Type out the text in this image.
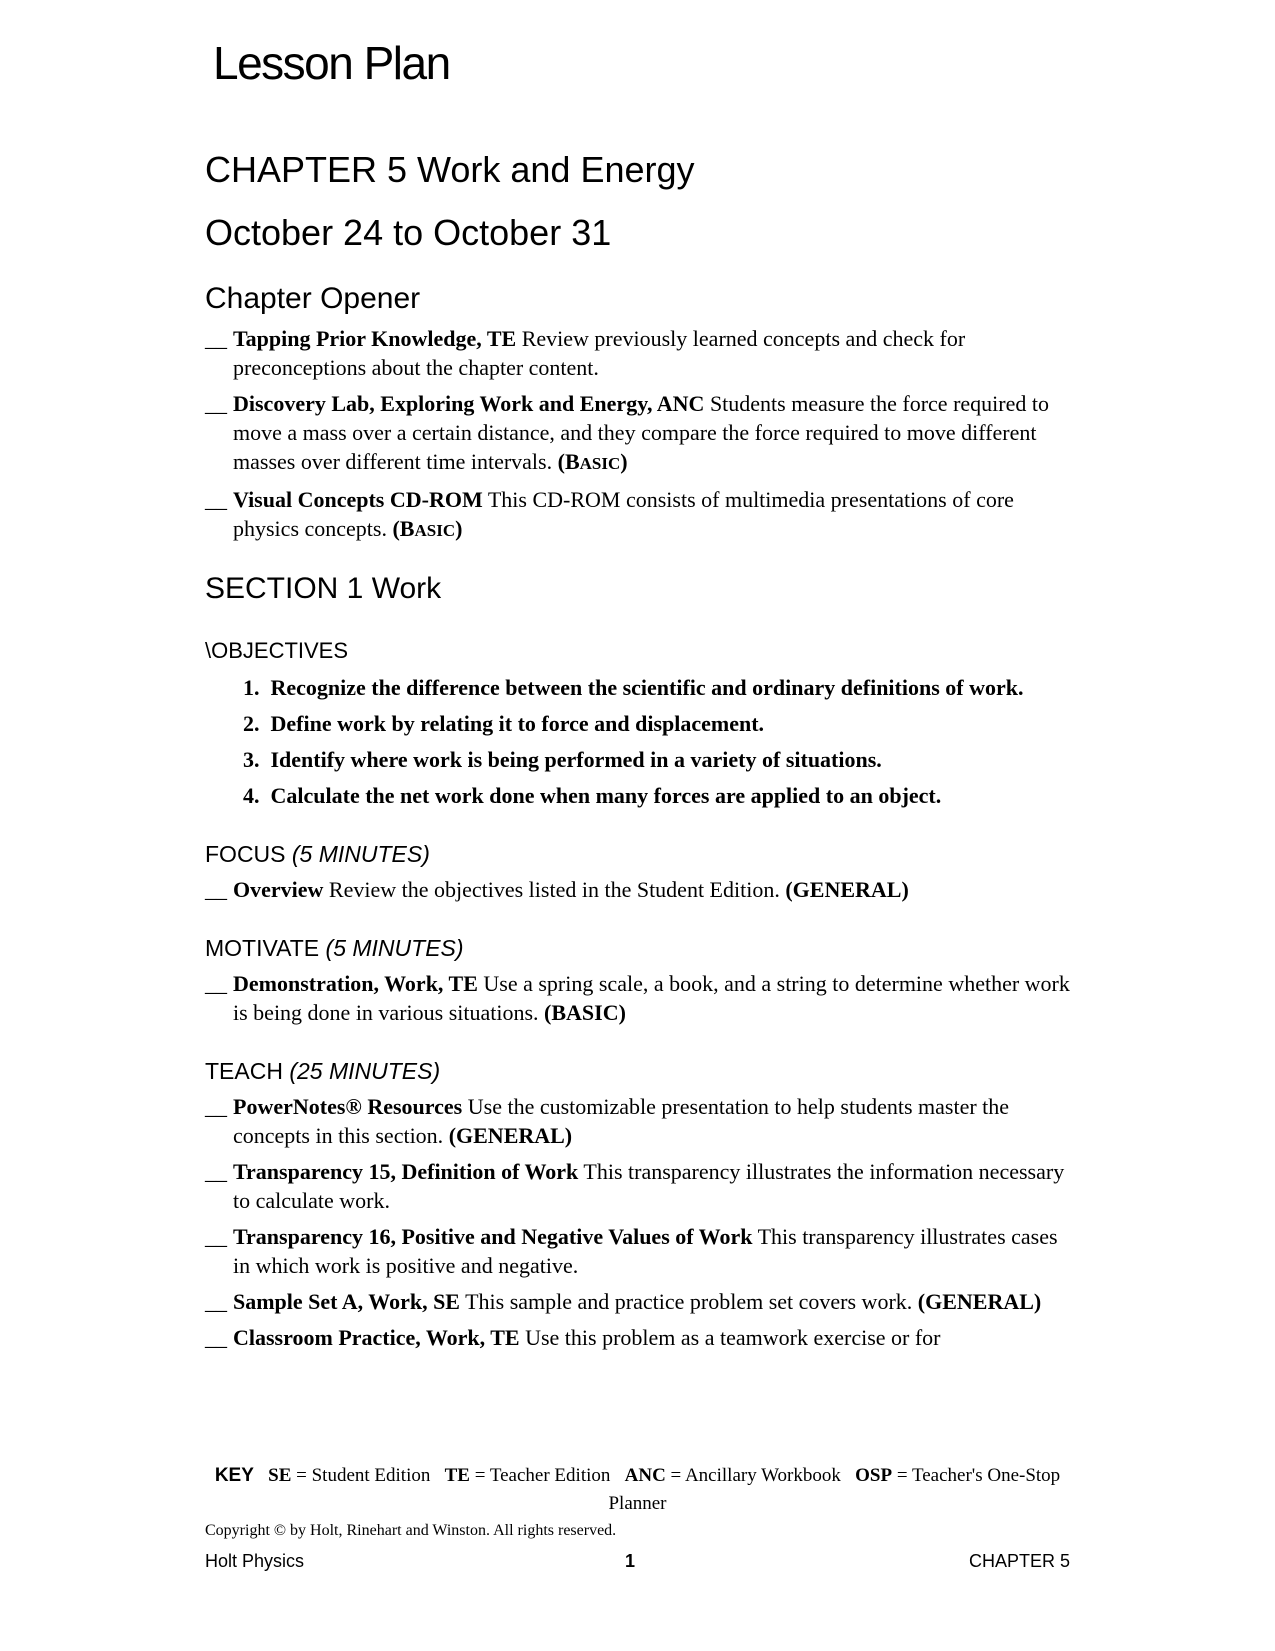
Lesson Plan
CHAPTER 5 Work and Energy
October 24 to October 31
Chapter Opener
__ Tapping Prior Knowledge, TE Review previously learned concepts and check for preconceptions about the chapter content.
__ Discovery Lab, Exploring Work and Energy, ANC Students measure the force required to move a mass over a certain distance, and they compare the force required to move different masses over different time intervals. (BASIC)
__ Visual Concepts CD-ROM This CD-ROM consists of multimedia presentations of core physics concepts. (BASIC)
SECTION 1 Work
\OBJECTIVES
1. Recognize the difference between the scientific and ordinary definitions of work.
2. Define work by relating it to force and displacement.
3. Identify where work is being performed in a variety of situations.
4. Calculate the net work done when many forces are applied to an object.
FOCUS (5 MINUTES)
__ Overview Review the objectives listed in the Student Edition. (GENERAL)
MOTIVATE (5 MINUTES)
__ Demonstration, Work, TE Use a spring scale, a book, and a string to determine whether work is being done in various situations. (BASIC)
TEACH (25 MINUTES)
__ PowerNotes® Resources Use the customizable presentation to help students master the concepts in this section. (GENERAL)
__ Transparency 15, Definition of Work This transparency illustrates the information necessary to calculate work.
__ Transparency 16, Positive and Negative Values of Work This transparency illustrates cases in which work is positive and negative.
__ Sample Set A, Work, SE This sample and practice problem set covers work. (GENERAL)
__ Classroom Practice, Work, TE Use this problem as a teamwork exercise or for
KEY SE = Student Edition TE = Teacher Edition ANC = Ancillary Workbook OSP = Teacher's One-Stop Planner
Copyright © by Holt, Rinehart and Winston. All rights reserved.
Holt Physics	1	CHAPTER 5
